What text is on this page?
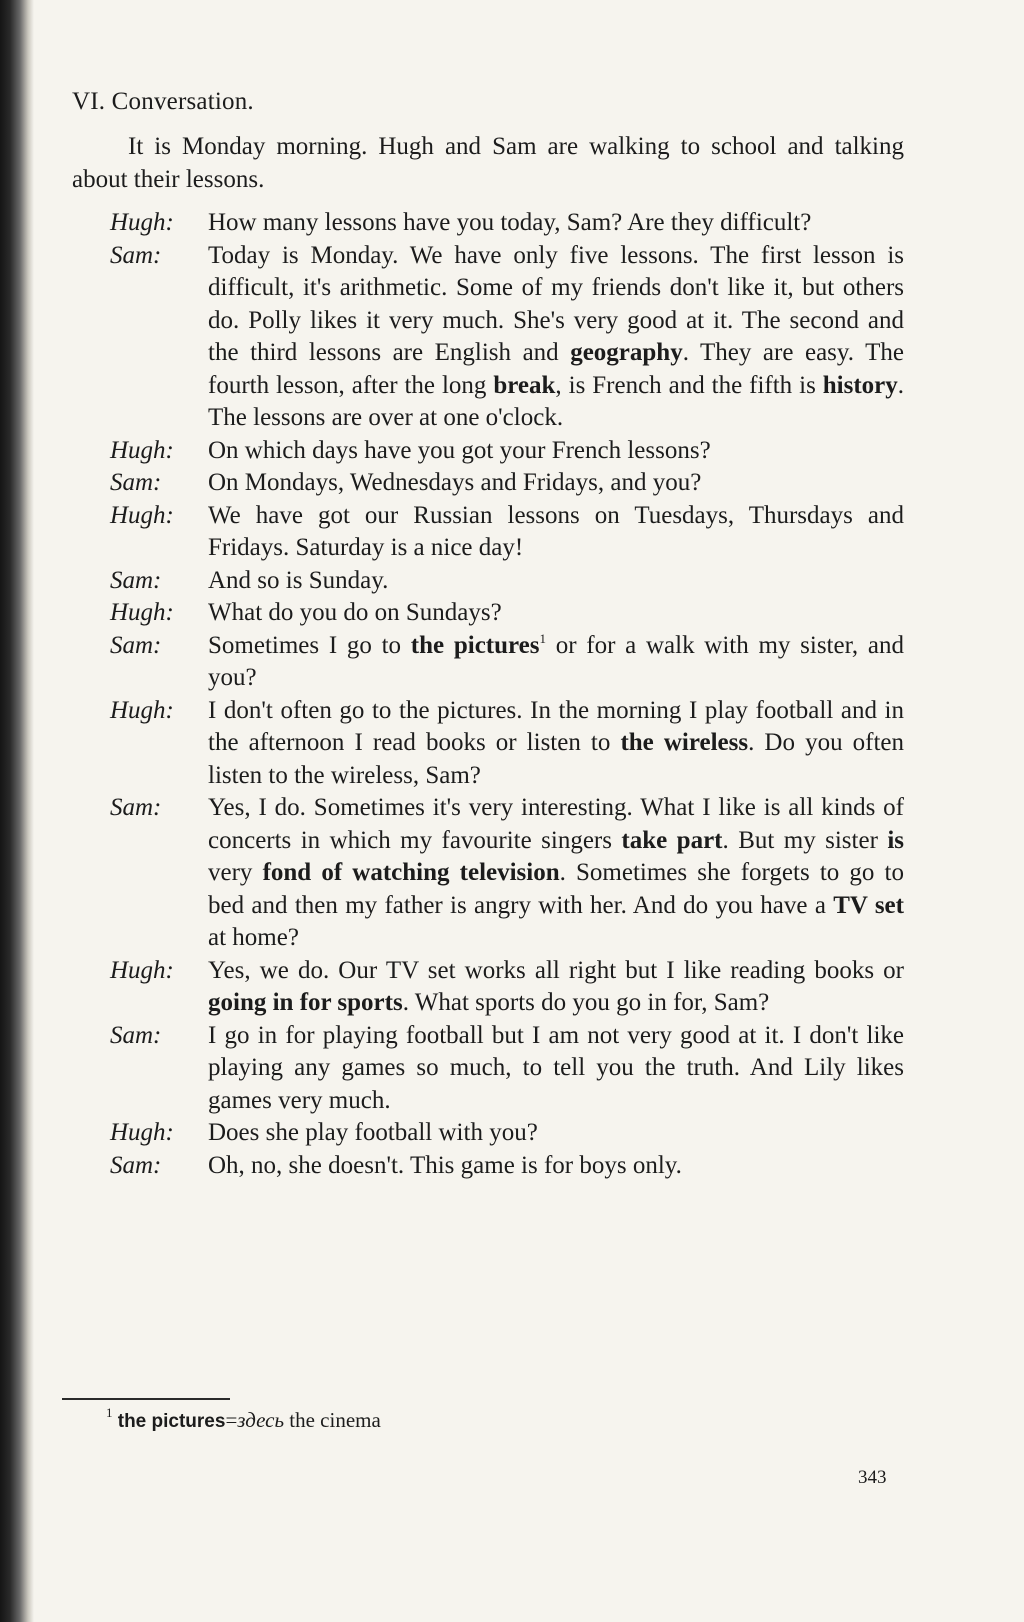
VI. Conversation.
It is Monday morning. Hugh and Sam are walking to school and talking about their lessons.
Hugh:	How many lessons have you today, Sam? Are they difficult?
Sam:	Today is Monday. We have only five lessons. The first lesson is difficult, it's arithmetic. Some of my friends don't like it, but others do. Polly likes it very much. She's very good at it. The second and the third lessons are English and geography. They are easy. The fourth lesson, after the long break, is French and the fifth is history. The lessons are over at one o'clock.
Hugh:	On which days have you got your French lessons?
Sam:	On Mondays, Wednesdays and Fridays, and you?
Hugh:	We have got our Russian lessons on Tuesdays, Thursdays and Fridays. Saturday is a nice day!
Sam:	And so is Sunday.
Hugh:	What do you do on Sundays?
Sam:	Sometimes I go to the pictures$^1$ or for a walk with my sister, and you?
Hugh:	I don't often go to the pictures. In the morning I play football and in the afternoon I read books or listen to the wireless. Do you often listen to the wireless, Sam?
Sam:	Yes, I do. Sometimes it's very interesting. What I like is all kinds of concerts in which my favourite singers take part. But my sister is very fond of watching television. Sometimes she forgets to go to bed and then my father is angry with her. And do you have a TV set at home?
Hugh:	Yes, we do. Our TV set works all right but I like reading books or going in for sports. What sports do you go in for, Sam?
Sam:	I go in for playing football but I am not very good at it. I don't like playing any games so much, to tell you the truth. And Lily likes games very much.
Hugh:	Does she play football with you?
Sam:	Oh, no, she doesn't. This game is for boys only.
$^1$ the pictures=здесь the cinema
343
